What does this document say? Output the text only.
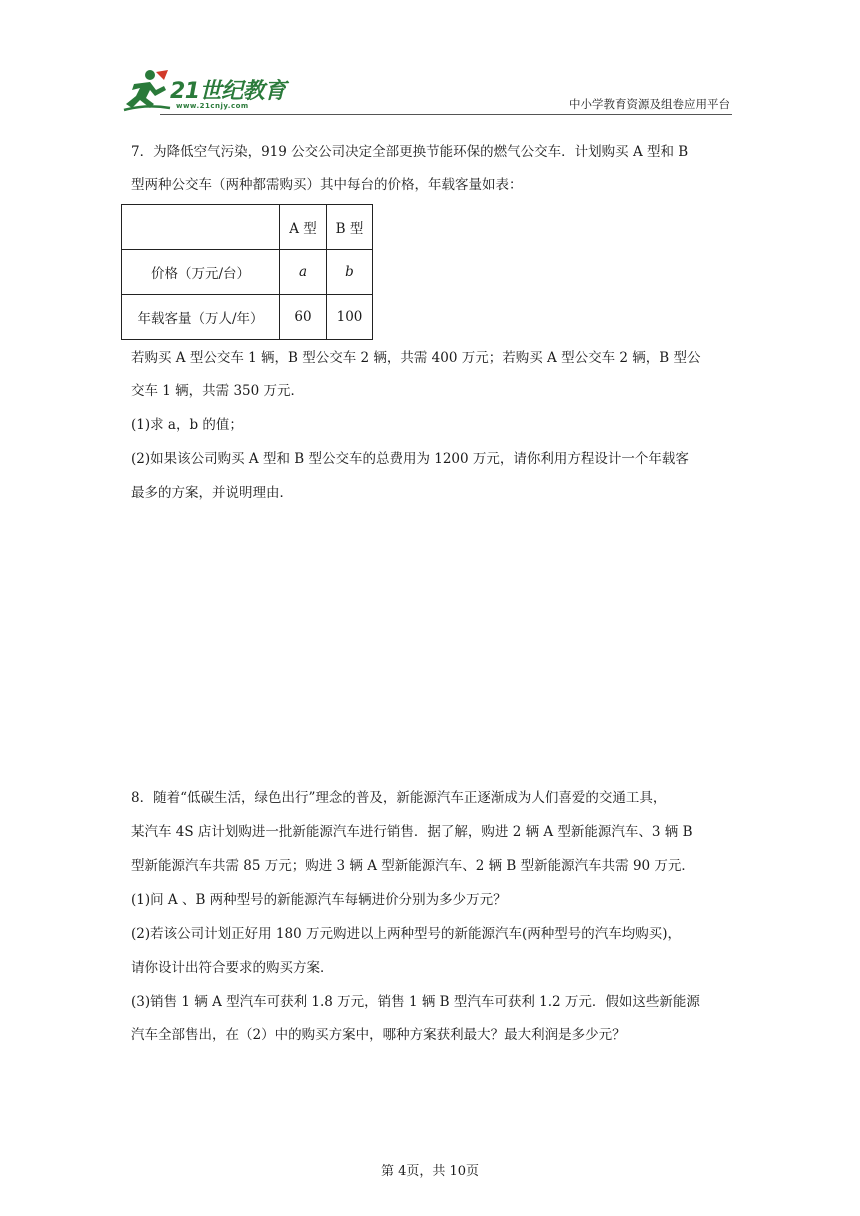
21世纪教育
www.21cnjy.com	中小学教育资源及组卷应用平台
7．为降低空气污染，919 公交公司决定全部更换节能环保的燃气公交车．计划购买 A 型和 B
型两种公交车（两种都需购买）其中每台的价格，年载客量如表：
	A 型	B 型
价格（万元/台）	a	b
年载客量（万人/年）	60	100
若购买 A 型公交车 1 辆，B 型公交车 2 辆，共需 400 万元；若购买 A 型公交车 2 辆，B 型公
交车 1 辆，共需 350 万元．
(1)求 a，b 的值；
(2)如果该公司购买 A 型和 B 型公交车的总费用为 1200 万元，请你利用方程设计一个年载客
最多的方案，并说明理由．
8．随着“低碳生活，绿色出行”理念的普及，新能源汽车正逐渐成为人们喜爱的交通工具，
某汽车 4S 店计划购进一批新能源汽车进行销售．据了解，购进 2 辆 A 型新能源汽车、3 辆 B
型新能源汽车共需 85 万元；购进 3 辆 A 型新能源汽车、2 辆 B 型新能源汽车共需 90 万元．
(1)问 A 、B 两种型号的新能源汽车每辆进价分别为多少万元？
(2)若该公司计划正好用 180 万元购进以上两种型号的新能源汽车(两种型号的汽车均购买)，
请你设计出符合要求的购买方案．
(3)销售 1 辆 A 型汽车可获利 1.8 万元，销售 1 辆 B 型汽车可获利 1.2 万元．假如这些新能源
汽车全部售出，在（2）中的购买方案中，哪种方案获利最大？最大利润是多少元？
第 4页，共 10页
